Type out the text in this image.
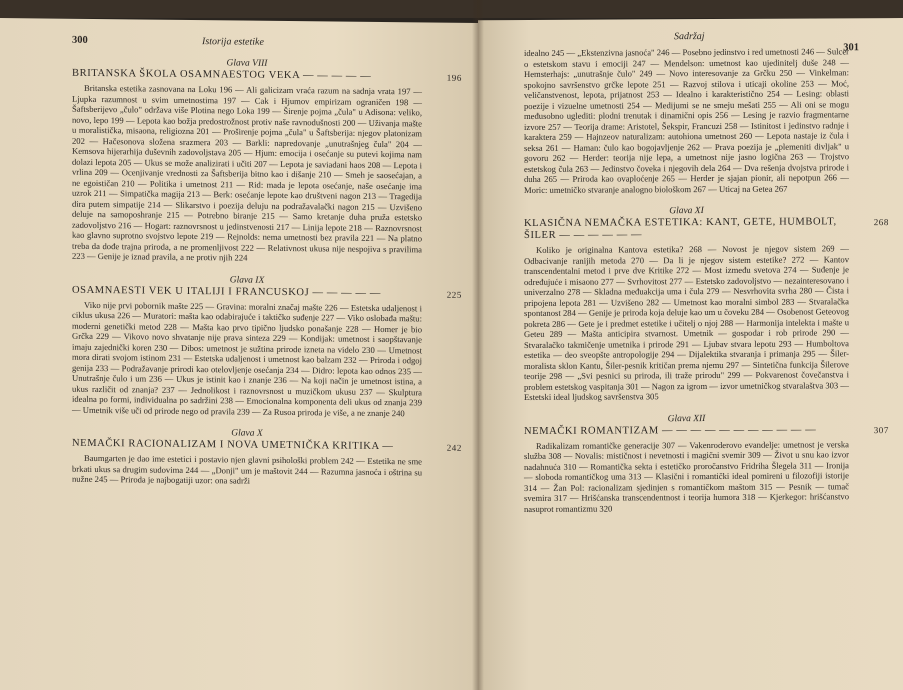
300	Istorija estetike
Glava VIII
BRITANSKA ŠKOLA OSAMNAESTOG VEKA — — — — —	196

Britanska estetika zasnovana na Loku 196 — Ali galicizam vraća razum na sadnja vrata 197 — Ljupka razumnost u svim umetnostima 197 — Cak i Hjumov empirizam ograničen 198 — Šaftsberijevo „čulo" održava više Plotina nego Loka 199 — Širenje pojma „čula" u Adisona: veliko, novo, lepo 199 — Lepota kao božja predostrožnost protiv naše ravnodušnosti 200 — Uživanja mašte u moralistička, misaona, religiozna 201 — Proširenje pojma „čula" u Šaftsberija: njegov platonizam 202 — Hačesonova složena srazmera 203 — Barkli: napredovanje „unutrašnjeg čula" 204 — Kemsova hijerarhija duševnih zadovoljstava 205 — Hjum: emocija i osećanje su putevi kojima nam dolazi lepota 205 — Ukus se može analizirati i učiti 207 — Lepota je saviadani haos 208 — Lepota i vrlina 209 — Ocenjivanje vrednosti za Šaftsberija bitno kao i dišanje 210 — Smeh je saosećajan, a ne egoističan 210 — Politika i umetnost 211 — Rid: mada je lepota osećanje, naše osećanje ima uzrok 211 — Simpatička magija 213 — Berk: osećanje lepote kao društveni nagon 213 — Tragedija dira putem simpatije 214 — Slikarstvo i poezija deluju na podražavalački nagon 215 — Uzvišeno deluje na samoposhranje 215 — Potrebno biranje 215 — Samo kretanje duha pruža estetsko zadovoljstvo 216 — Hogart: raznovrsnost u jedinstvenosti 217 — Linija lepote 218 — Raznovrsnost kao glavno suprotno svojstvo lepote 219 — Rejnolds: nema umetnosti bez pravila 221 — Na platno treba da dođe trajna priroda, a ne promenljivost 222 — Relativnost ukusa nije nespojiva s pravilima 223 — Genije je iznad pravila, a ne protiv njih 224

Glava IX
OSAMNAESTI VEK U ITALIJI I FRANCUSKOJ — — — — —	225

Viko nije prvi pobornik mašte 225 — Gravina: moralni značaj mašte 226 — Estetska udaljenost i ciklus ukusa 226 — Muratori: mašta kao odabirajuće i taktičko suđenje 227 — Viko oslobađa maštu: moderni genetički metod 228 — Mašta kao prvo tipično ljudsko ponašanje 228 — Homer je bio Grčka 229 — Vikovo novo shvatanje nije prava sinteza 229 — Kondijak: umetnost i saopštavanje imaju zajednički koren 230 — Dibos: umetnost je sužtina prirode izneta na videlo 230 — Umetnost mora dirati svojom istinom 231 — Estetska udaljenost i umetnost kao balzam 232 — Priroda i odgoj genija 233 — Podražavanje prirodi kao otelovljenje osećanja 234 — Didro: lepota kao odnos 235 — Unutrašnje čulo i um 236 — Ukus je istinit kao i znanje 236 — Na koji način je umetnost istina, a ukus različit od znanja? 237 — Jednolikost i raznovrsnost u muzičkom ukusu 237 — Skulptura idealna po formi, individualna po sadržini 238 — Emocionalna komponenta deli ukus od znanja 239 — Umetnik više uči od prirode nego od pravila 239 — Za Rusoa priroda je više, a ne znanje 240

Glava X
NEMAČKI RACIONALIZAM I NOVA UMETNIČKA KRITIKA —	242

Baumgarten je dao ime estetici i postavio njen glavni psihološki problem 242 — Estetika ne sme brkati ukus sa drugim sudovima 244 — „Donji" um je maštovit 244 — Razumna jasnoća i oštrina su nužne 245 — Priroda je najbogatiji uzor: ona sadrži

Sadržaj
301

idealno 245 — „Ekstenzivna jasnoća" 246 — Posebno jedinstvo i red umetnosti 246 — Sulcer o estetskom stavu i emociji 247 — Mendelson: umetnost kao ujedinitelj duše 248 — Hemsterhajs: „unutrašnje čulo" 249 — Novo interesovanje za Grčku 250 — Vinkelman: spokojno savršenstvo grčke lepote 251 — Razvoj stilova i uticaji okoline 253 — Moć, veličanstvenost, lepota, prijatnost 253 — Idealno i karakteristično 254 — Lesing: oblasti poezije i vizuelne umetnosti 254 — Medijumi se ne smeju mešati 255 — Ali oni se mogu međusobno uglediti: plodni trenutak i dinamični opis 256 — Lesing je razvio fragmentarne izvore 257 — Teorija drame: Aristotel, Šekspir, Francuzi 258 — Istinitost i jedinstvo radnje i karaktera 259 — Hajnzeov naturalizam: autohiona umetnost 260 — Lepota nastaje iz čula i seksa 261 — Haman: čulo kao bogojavljenje 262 — Prava poezija je „plemeniti divljak" u govoru 262 — Herder: teorija nije lepa, a umetnost nije jasno logična 263 — Trojstvo estetskog čula 263 — Jedinstvo čoveka i njegovih dela 264 — Dva rešenja dvojstva prirode i duha 265 — Priroda kao ovaploćenje 265 — Herder je sjajan pionir, ali nepotpun 266 — Moric: umetničko stvaranje analogno biološkom 267 — Uticaj na Getea 267

Glava XI
KLASIČNA NEMAČKA ESTETIKA: KANT, GETE, HUMBOLT, ŠILER — — — — — —
268

Koliko je originalna Kantova estetika? 268 — Novost je njegov sistem 269 — Odbacivanje ranijih metoda 270 — Da li je njegov sistem estetike? 272 — Kantov transcendentalni metod i prve dve Kritike 272 — Most između svetova 274 — Suđenje je određujuće i misaono 277 — Svrhovitost 277 — Estetsko zadovoljstvo — nezainteresovano i univerzalno 278 — Skladna međuakcija uma i čula 279 — Nesvrhovita svrha 280 — Čista i pripojena lepota 281 — Uzvišeno 282 — Umetnost kao moralni simbol 283 — Stvaralačka spontanost 284 — Genije je priroda koja deluje kao um u čoveku 284 — Osobenost Geteovog pokreta 286 — Gete je i predmet estetike i učitelj o njoj 288 — Harmonija intelekta i mašte u Geteu 289 — Mašta anticipira stvarnost. Umetnik — gospodar i rob prirode 290 — Stvaralačko takmičenje umetnika i prirode 291 — Ljubav stvara lepotu 293 — Humboltova estetika — deo sveopšte antropologije 294 — Dijalektika stvaranja i primanja 295 — Šiler-moralista sklon Kantu, Šiler-pesnik kritičan prema njemu 297 — Sintetična funkcija Šilerove teorije 298 — „Svi pesnici su priroda, ili traže prirodu" 299 — Pokvarenost čovečanstva i problem estetskog vaspitanja 301 — Nagon za igrom — izvor umetničkog stvaralaštva 303 — Estetski ideal ljudskog savršenstva 305

Glava XII
NEMAČKI ROMANTIZAM — — — — — — — — — — —	307

Radikalizam romantičke generacije 307 — Vakenroderovo evandelje: umetnost je verska služba 308 — Novalis: mističnost i nevetnosti i magični svemir 309 — Život u snu kao izvor nadahnuća 310 — Romantička sekta i estetičko proročanstvo Fridriha Šlegela 311 — Ironija — sloboda romantičkog uma 313 — Klasični i romantički ideal pomireni u filozofiji istorije 314 — Žan Pol: racionalizam sjedinjen s romantičkom maštom 315 — Pesnik — tumač svemira 317 — Hrišćanska transcendentnost i teorija humora 318 — Kjerkegor: hrišćanstvo nasuprot romantizmu 320
